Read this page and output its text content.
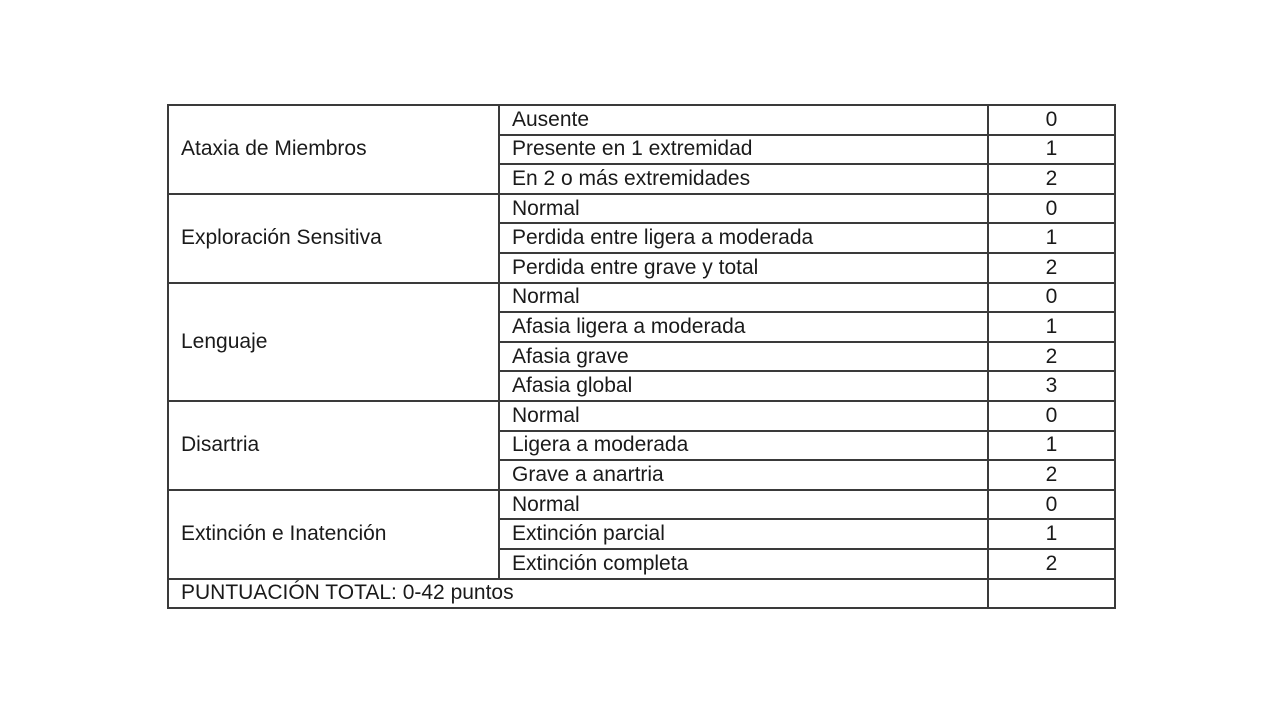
Ataxia de Miembros	Ausente	0
	Presente en 1 extremidad	1
	En 2 o más extremidades	2
Exploración Sensitiva	Normal	0
	Perdida entre ligera a moderada	1
	Perdida entre grave y total	2
Lenguaje	Normal	0
	Afasia ligera a moderada	1
	Afasia grave	2
	Afasia global	3
Disartria	Normal	0
	Ligera a moderada	1
	Grave a anartria	2
Extinción e Inatención	Normal	0
	Extinción parcial	1
	Extinción completa	2
PUNTUACIÓN TOTAL: 0-42 puntos		
